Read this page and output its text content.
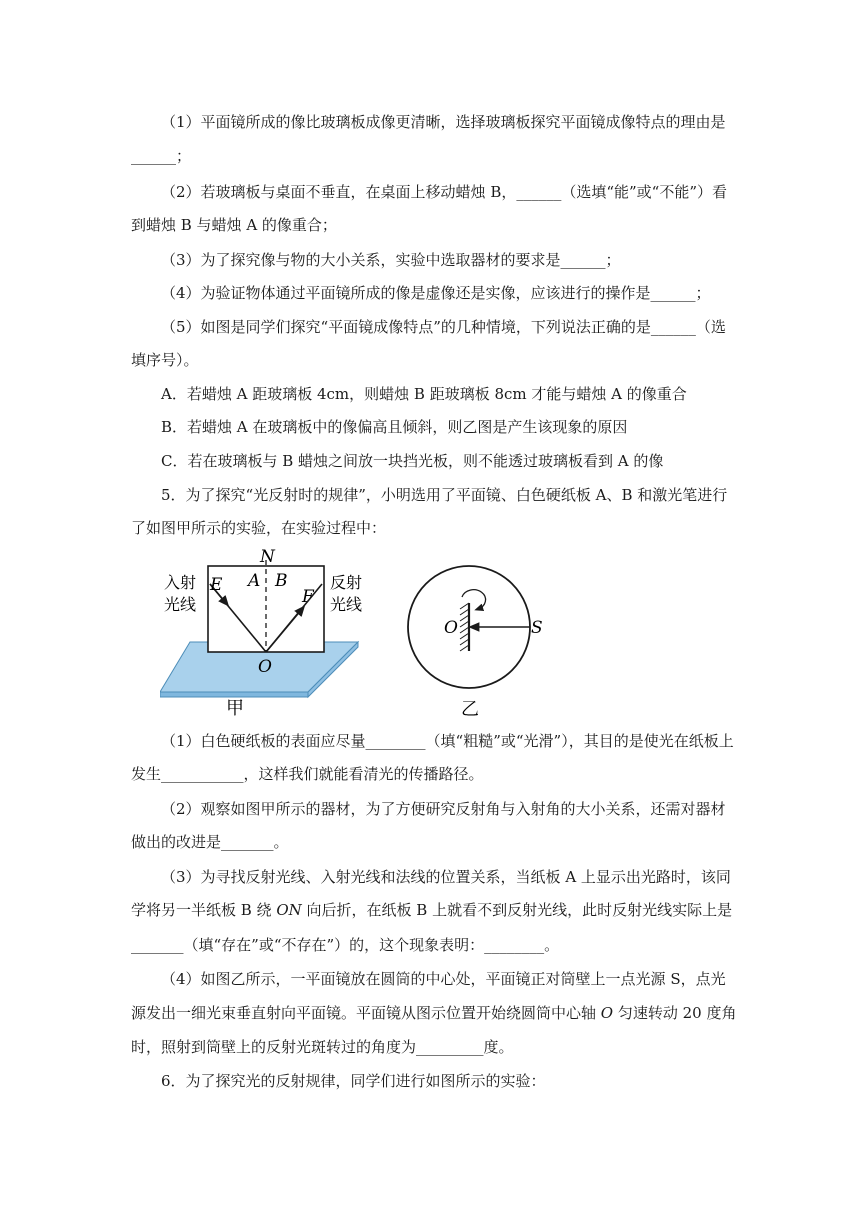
（1）平面镜所成的像比玻璃板成像更清晰，选择玻璃板探究平面镜成像特点的理由是
______；
（2）若玻璃板与桌面不垂直，在桌面上移动蜡烛 B，______（选填“能”或“不能”）看
到蜡烛 B 与蜡烛 A 的像重合；
（3）为了探究像与物的大小关系，实验中选取器材的要求是______；
（4）为验证物体通过平面镜所成的像是虚像还是实像，应该进行的操作是______；
（5）如图是同学们探究“平面镜成像特点”的几种情境，下列说法正确的是______（选
填序号）。
A．若蜡烛 A 距玻璃板 4cm，则蜡烛 B 距玻璃板 8cm 才能与蜡烛 A 的像重合
B．若蜡烛 A 在玻璃板中的像偏高且倾斜，则乙图是产生该现象的原因
C．若在玻璃板与 B 蜡烛之间放一块挡光板，则不能透过玻璃板看到 A 的像
5．为了探究“光反射时的规律”，小明选用了平面镜、白色硬纸板 A、B 和激光笔进行
了如图甲所示的实验，在实验过程中：
N
A B
E
F
O
入射
光线
反射
光线
甲
O	S
乙
（1）白色硬纸板的表面应尽量________（填“粗糙”或“光滑”），其目的是使光在纸板上
发生___________，这样我们就能看清光的传播路径。
（2）观察如图甲所示的器材，为了方便研究反射角与入射角的大小关系，还需对器材
做出的改进是_______。
（3）为寻找反射光线、入射光线和法线的位置关系，当纸板 A 上显示出光路时，该同
学将另一半纸板 B 绕 ON 向后折，在纸板 B 上就看不到反射光线，此时反射光线实际上是
_______（填“存在”或“不存在”）的，这个现象表明：________。
（4）如图乙所示，一平面镜放在圆筒的中心处，平面镜正对筒壁上一点光源 S，点光
源发出一细光束垂直射向平面镜。平面镜从图示位置开始绕圆筒中心轴 O 匀速转动 20 度角
时，照射到筒壁上的反射光斑转过的角度为_________度。
6．为了探究光的反射规律，同学们进行如图所示的实验：
